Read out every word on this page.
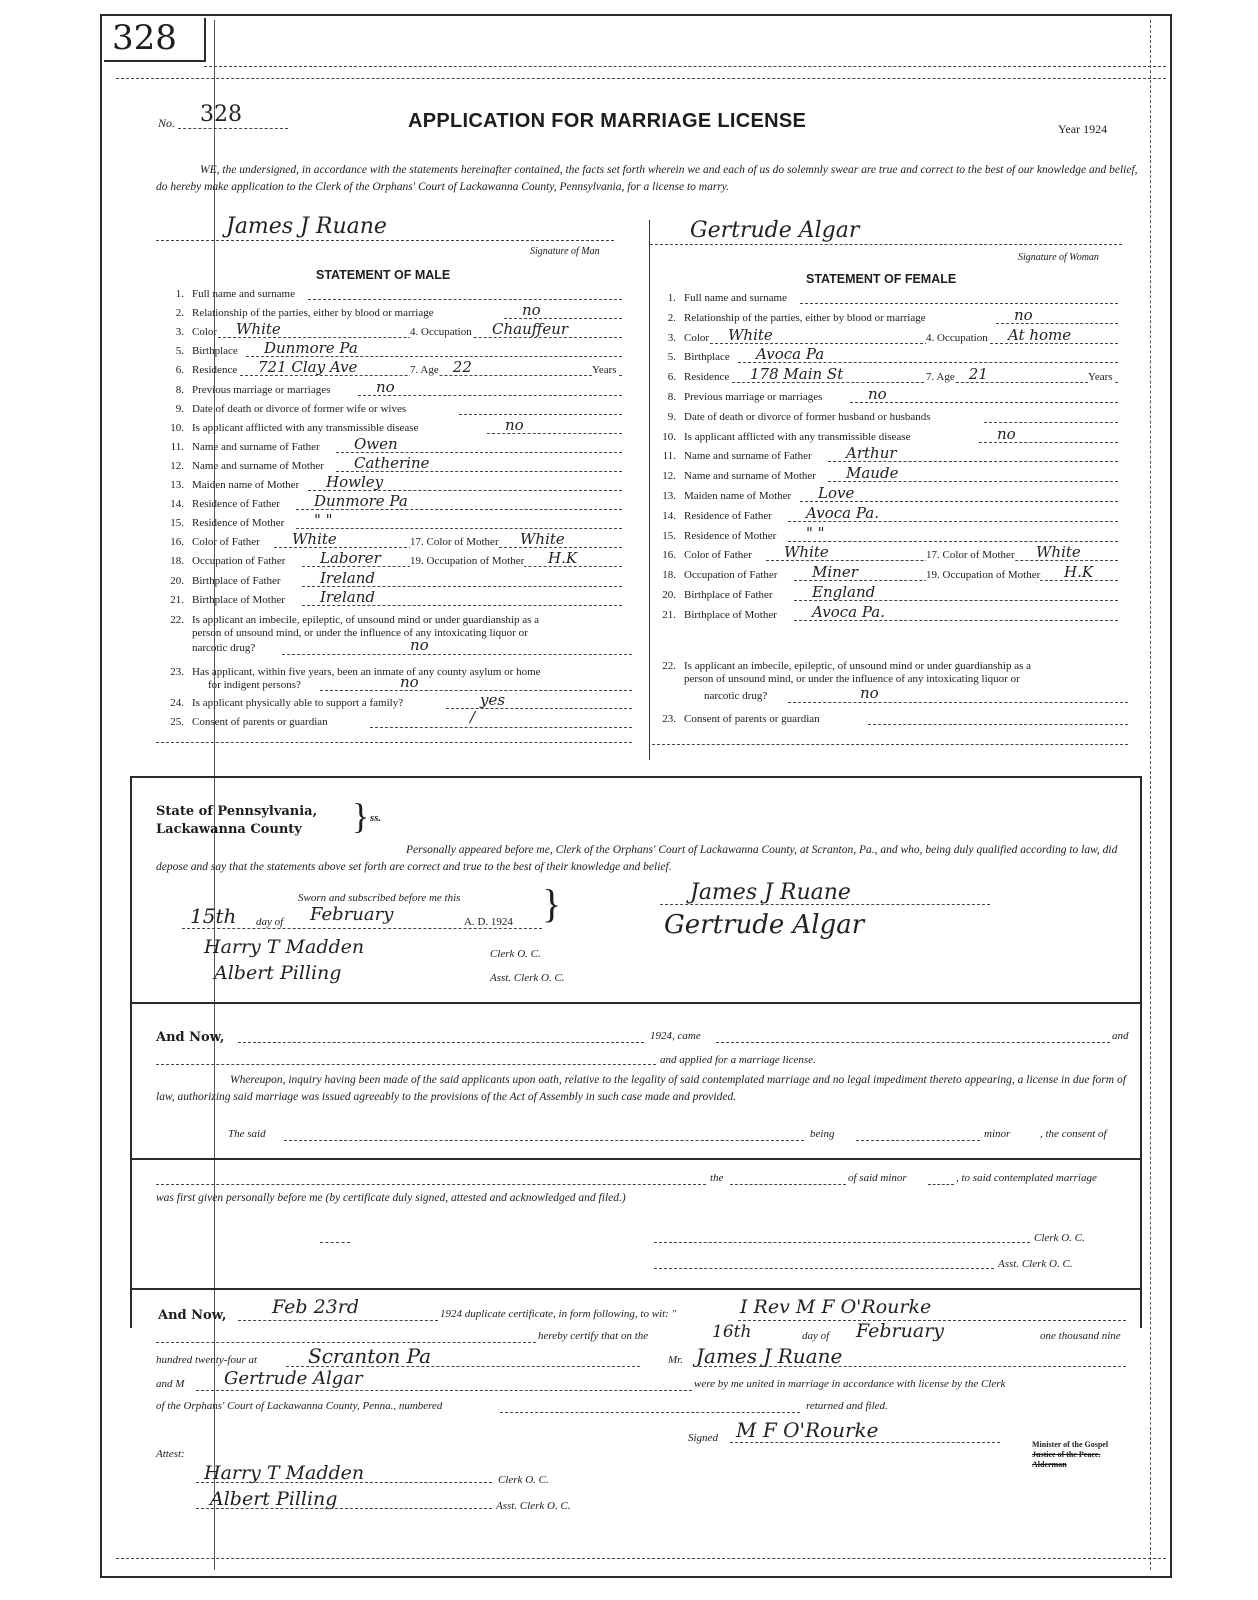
328
No. 328	APPLICATION FOR MARRIAGE LICENSE	Year 1924
WE, the undersigned, in accordance with the statements hereinafter contained, the facts set forth wherein we and each of us do solemnly swear are true and correct to the best of our knowledge and belief, do hereby make application to the Clerk of the Orphans' Court of Lackawanna County, Pennsylvania, for a license to marry.
James J Ruane
Signature of Man
Gertrude Algar
Signature of Woman
STATEMENT OF MALE
1. Full name and surname
2. Relationship of the parties, either by blood or marriage	no
3. Color White	4. Occupation Chauffeur
5. Birthplace Dunmore Pa
6. Residence 721 Clay Ave	7. Age 22	Years
8. Previous marriage or marriages	no
9. Date of death or divorce of former wife or wives
10. Is applicant afflicted with any transmissible disease	no
11. Name and surname of Father Owen
12. Name and surname of Mother Catherine
13. Maiden name of Mother Howley
14. Residence of Father Dunmore Pa
15. Residence of Mother " "
16. Color of Father White	17. Color of Mother White
18. Occupation of Father Laborer	19. Occupation of Mother H.K
20. Birthplace of Father	Ireland
21. Birthplace of Mother Ireland
22. Is applicant an imbecile, epileptic, of unsound mind or under guardianship as a
person of unsound mind, or under the influence of any intoxicating liquor or
narcotic drug?	no
23. Has applicant, within five years, been an inmate of any county asylum or home
for indigent persons?	no
24. Is applicant physically able to support a family?	yes
25. Consent of parents or guardian	/
STATEMENT OF FEMALE
1. Full name and surname
2. Relationship of the parties, either by blood or marriage	no
3. Color White	4. Occupation At home
5. Birthplace Avoca Pa
6. Residence 178 Main St	7. Age 21	Years
8. Previous marriage or marriages	no
9. Date of death or divorce of former husband or husbands
10. Is applicant afflicted with any transmissible disease	no
11. Name and surname of Father Arthur
12. Name and surname of Mother Maude
13. Maiden name of Mother Love
14. Residence of Father Avoca Pa.
15. Residence of Mother " "
16. Color of Father White	17. Color of Mother White
18. Occupation of Father Miner	19. Occupation of Mother H.K
20. Birthplace of Father	England
21. Birthplace of Mother Avoca Pa.
22. Is applicant an imbecile, epileptic, of unsound mind or under guardianship as a
person of unsound mind, or under the influence of any intoxicating liquor or
narcotic drug?	no
23. Consent of parents or guardian
State of Pennsylvania,
Lackawanna County } ss.
Personally appeared before me, Clerk of the Orphans' Court of Lackawanna County, at Scranton, Pa., and who, being duly qualified according to law, did depose and say that the statements above set forth are correct and true to the best of their knowledge and belief.
Sworn and subscribed before me this
15th day of February	A. D. 1924 }
Harry T Madden	Clerk O. C.
Albert Pilling	Asst. Clerk O. C.
James J Ruane
Gertrude Algar
And Now,	1924, came	and
and applied for a marriage license.
Whereupon, inquiry having been made of the said applicants upon oath, relative to the legality of said contemplated marriage and no legal impediment thereto appearing, a license in due form of law, authorizing said marriage was issued agreeably to the provisions of the Act of Assembly in such case made and provided.
The said	being	minor	, the consent of
the	of said minor	, to said contemplated marriage
was first given personally before me (by certificate duly signed, attested and acknowledged and filed.)
Clerk O. C.
Asst. Clerk O. C.
And Now, Feb 23rd	1924 duplicate certificate, in form following, to wit: "	I Rev M F O'Rourke
hereby certify that on the	16th	day of February	one thousand nine
hundred twenty-four at	Scranton Pa	Mr. James J Ruane
and M Gertrude Algar	were by me united in marriage in accordance with license by the Clerk
of the Orphans' Court of Lackawanna County, Penna., numbered	returned and filed.
Signed M F O'Rourke
Minister of the Gospel
Justice of the Peace.
Alderman
Attest:
Harry T Madden	Clerk O. C.
Albert Pilling	Asst. Clerk O. C.
